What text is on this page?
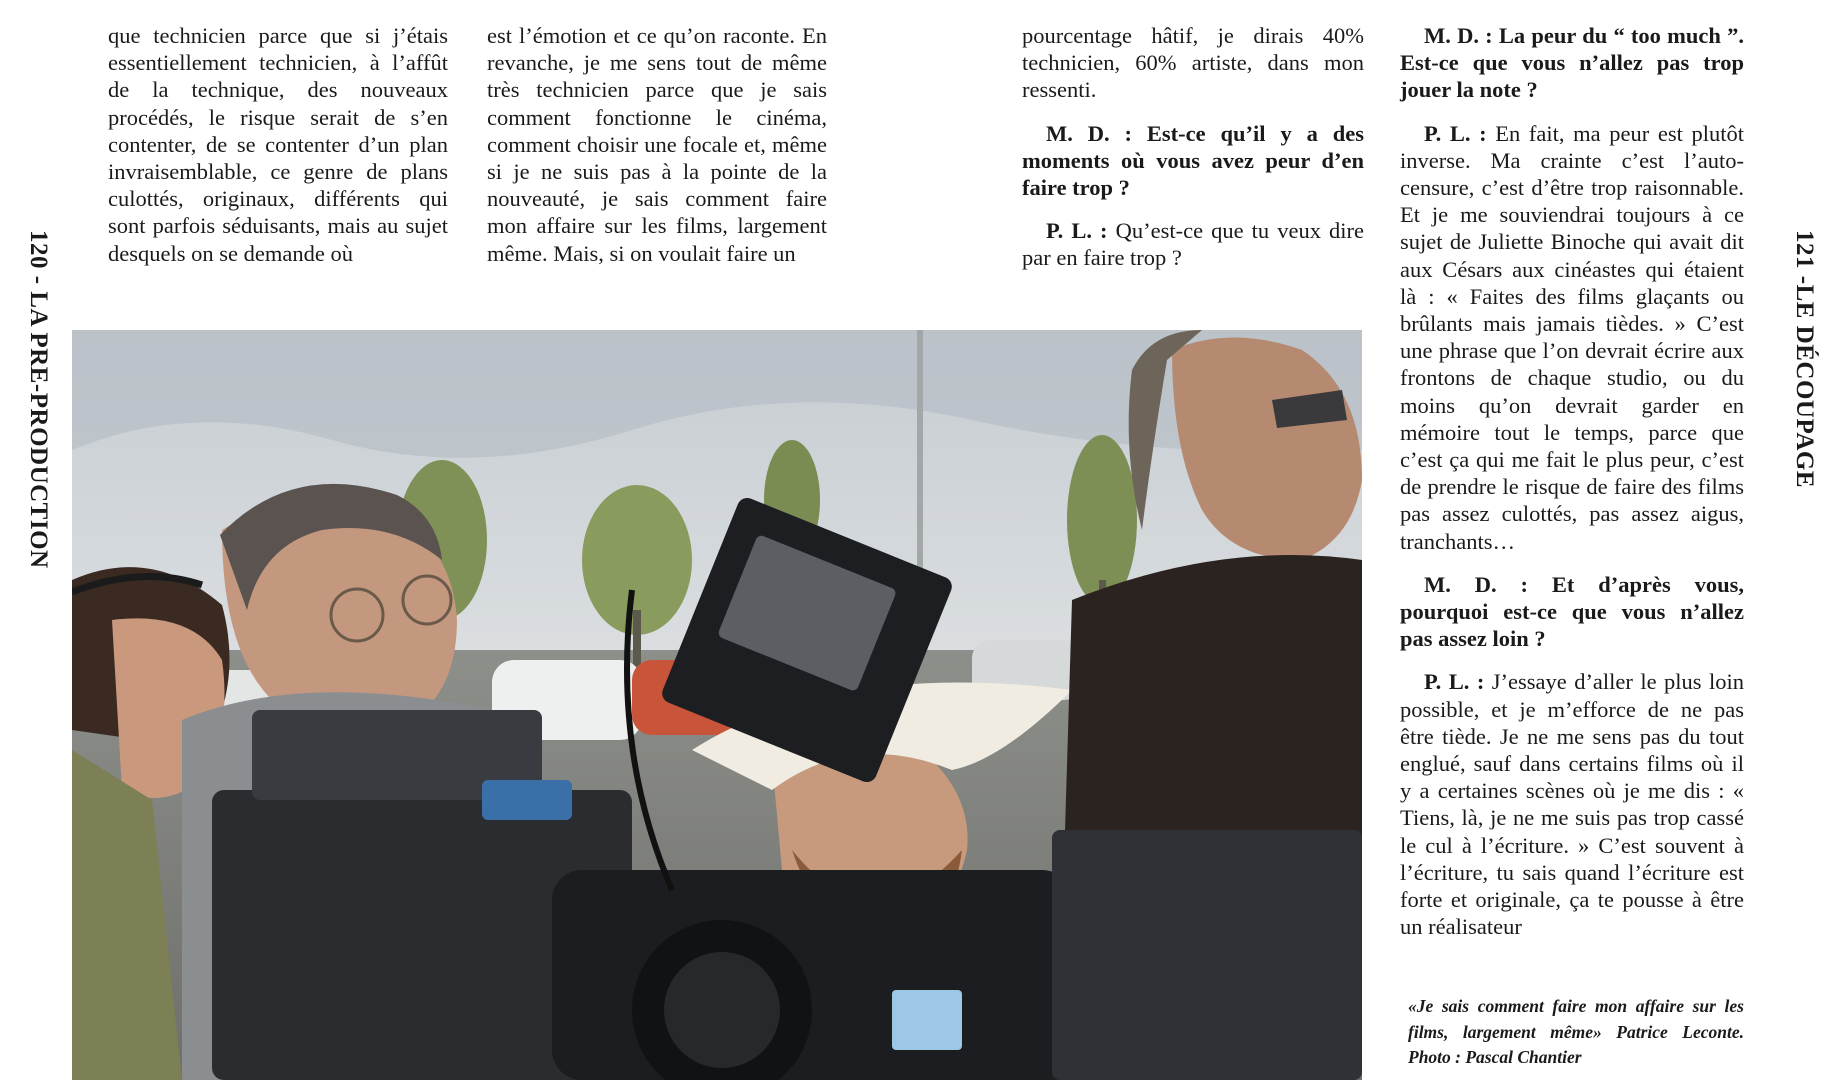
120 - LA PRE-PRODUCTION	121 -LE DÉCOUPAGE

que technicien parce que si j’étais essentiellement technicien, à l’affût de la technique, des nouveaux procédés, le risque serait de s’en contenter, de se contenter d’un plan invraisemblable, ce genre de plans culottés, originaux, différents qui sont parfois séduisants, mais au sujet desquels on se demande où

est l’émotion et ce qu’on raconte. En revanche, je me sens tout de même très technicien parce que je sais comment fonctionne le cinéma, comment choisir une focale et, même si je ne suis pas à la pointe de la nouveauté, je sais comment faire mon affaire sur les films, largement même. Mais, si on voulait faire un

pourcentage hâtif, je dirais 40% technicien, 60% artiste, dans mon ressenti.

M. D. : Est-ce qu’il y a des moments où vous avez peur d’en faire trop ?

P. L. : Qu’est-ce que tu veux dire par en faire trop ?

M. D. : La peur du “ too much ”. Est-ce que vous n’allez pas trop jouer la note ?

P. L. : En fait, ma peur est plutôt inverse. Ma crainte c’est l’auto-censure, c’est d’être trop raisonnable. Et je me souviendrai toujours à ce sujet de Juliette Binoche qui avait dit aux Césars aux cinéastes qui étaient là : « Faites des films glaçants ou brûlants mais jamais tièdes. » C’est une phrase que l’on devrait écrire aux frontons de chaque studio, ou du moins qu’on devrait garder en mémoire tout le temps, parce que c’est ça qui me fait le plus peur, c’est de prendre le risque de faire des films pas assez culottés, pas assez aigus, tranchants…

M. D. : Et d’après vous, pourquoi est-ce que vous n’allez pas assez loin ?

P. L. : J’essaye d’aller le plus loin possible, et je m’efforce de ne pas être tiède. Je ne me sens pas du tout englué, sauf dans certains films où il y a certaines scènes où je me dis : « Tiens, là, je ne me suis pas trop cassé le cul à l’écriture. » C’est souvent à l’écriture, tu sais quand l’écriture est forte et originale, ça te pousse à être un réalisateur

«Je sais comment faire mon affaire sur les films, largement même» Patrice Leconte. Photo : Pascal Chantier
